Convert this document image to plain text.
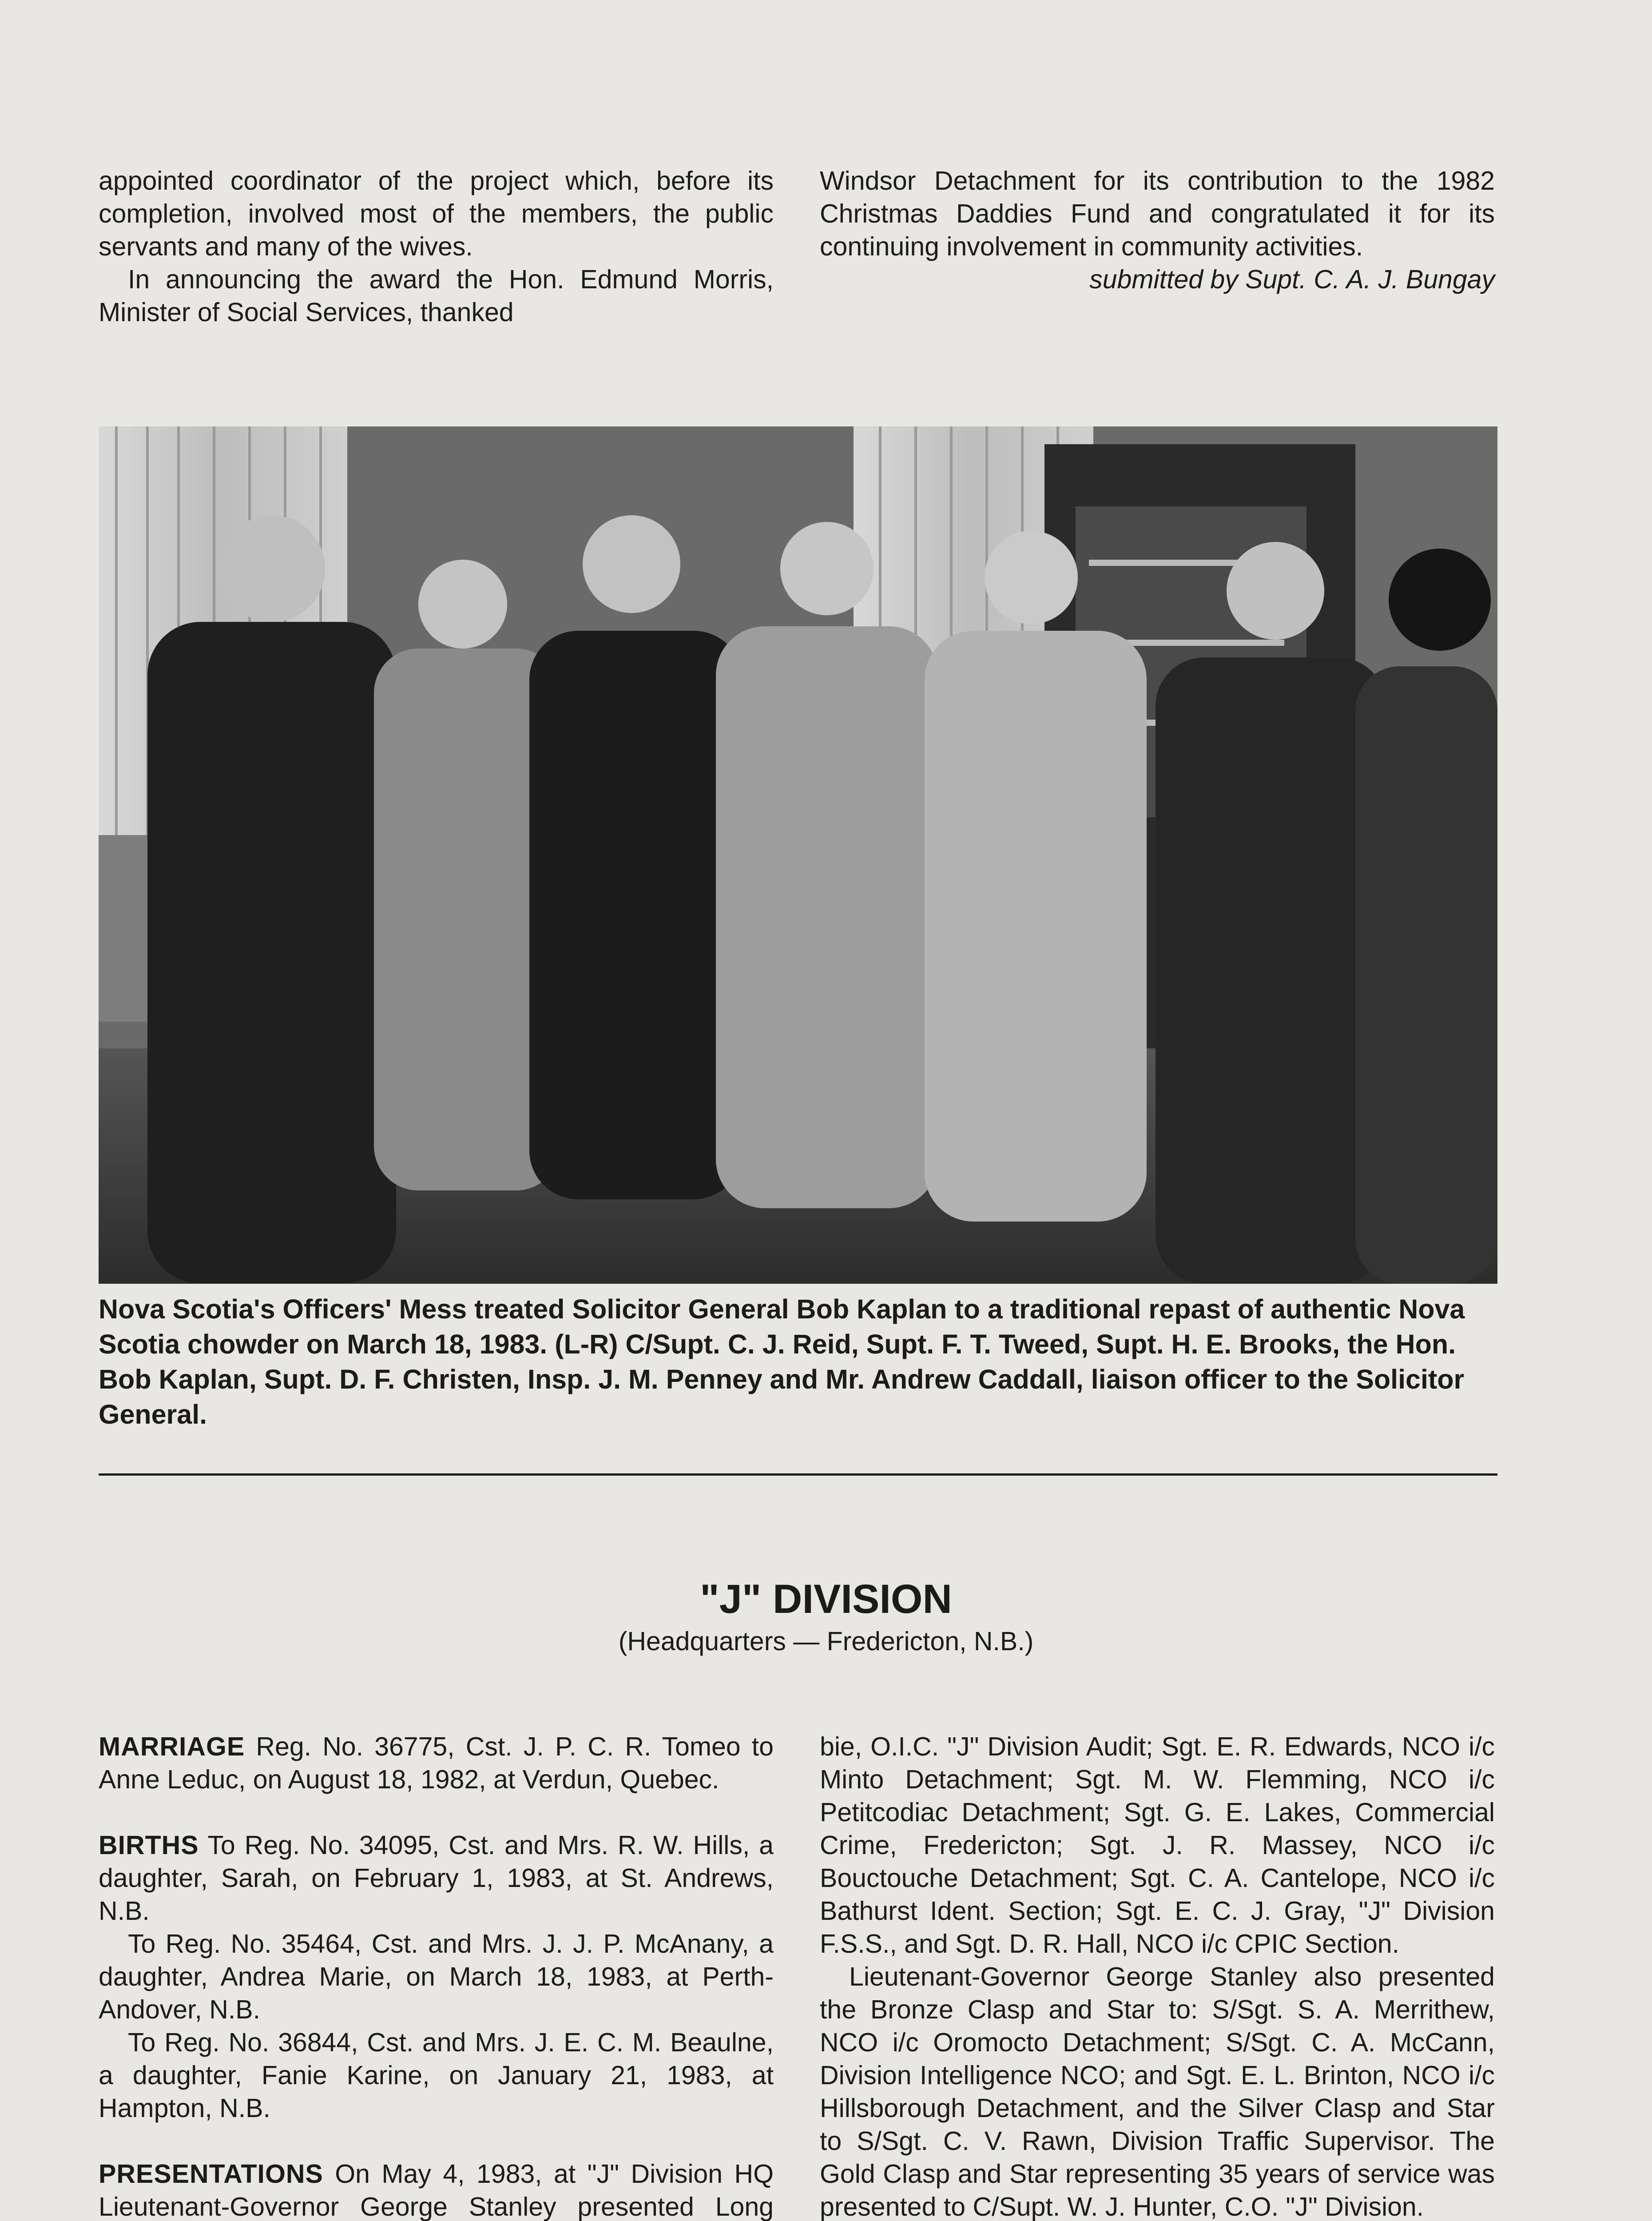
appointed coordinator of the project which, before its completion, involved most of the members, the public servants and many of the wives.

In announcing the award the Hon. Edmund Morris, Minister of Social Services, thanked

Windsor Detachment for its contribution to the 1982 Christmas Daddies Fund and congratulated it for its continuing involvement in community activities.

submitted by Supt. C. A. J. Bungay

Nova Scotia's Officers' Mess treated Solicitor General Bob Kaplan to a traditional repast of authentic Nova Scotia chowder on March 18, 1983. (L-R) C/Supt. C. J. Reid, Supt. F. T. Tweed, Supt. H. E. Brooks, the Hon. Bob Kaplan, Supt. D. F. Christen, Insp. J. M. Penney and Mr. Andrew Caddall, liaison officer to the Solicitor General.
"J" DIVISION
(Headquarters — Fredericton, N.B.)

MARRIAGE Reg. No. 36775, Cst. J. P. C. R. Tomeo to Anne Leduc, on August 18, 1982, at Verdun, Quebec.

BIRTHS To Reg. No. 34095, Cst. and Mrs. R. W. Hills, a daughter, Sarah, on February 1, 1983, at St. Andrews, N.B.

To Reg. No. 35464, Cst. and Mrs. J. J. P. McAnany, a daughter, Andrea Marie, on March 18, 1983, at Perth-Andover, N.B.

To Reg. No. 36844, Cst. and Mrs. J. E. C. M. Beaulne, a daughter, Fanie Karine, on January 21, 1983, at Hampton, N.B.

PRESENTATIONS On May 4, 1983, at "J" Division HQ Lieutenant-Governor George Stanley presented Long

bie, O.I.C. "J" Division Audit; Sgt. E. R. Edwards, NCO i/c Minto Detachment; Sgt. M. W. Flemming, NCO i/c Petitcodiac Detachment; Sgt. G. E. Lakes, Commercial Crime, Fredericton; Sgt. J. R. Massey, NCO i/c Bouctouche Detachment; Sgt. C. A. Cantelope, NCO i/c Bathurst Ident. Section; Sgt. E. C. J. Gray, "J" Division F.S.S., and Sgt. D. R. Hall, NCO i/c CPIC Section.

Lieutenant-Governor George Stanley also presented the Bronze Clasp and Star to: S/Sgt. S. A. Merrithew, NCO i/c Oromocto Detachment; S/Sgt. C. A. McCann, Division Intelligence NCO; and Sgt. E. L. Brinton, NCO i/c Hillsborough Detachment, and the Silver Clasp and Star to S/Sgt. C. V. Rawn, Division Traffic Supervisor. The Gold Clasp and Star representing 35 years of service was presented to C/Supt. W. J. Hunter, C.O. "J" Division.
